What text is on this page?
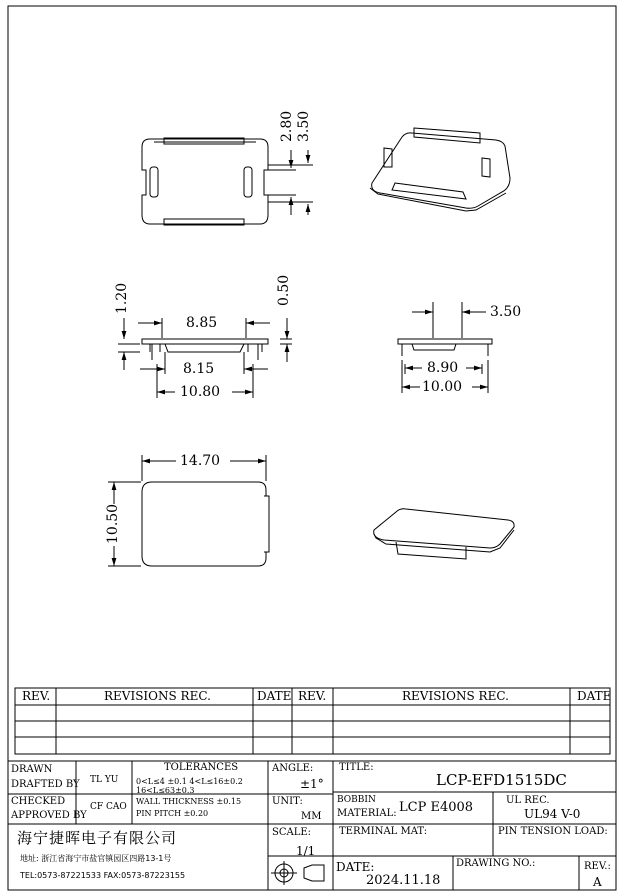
2.80 3.50
1.20	0.50
8.85
8.15
10.80
3.50
8.90
10.00
14.70
10.50
REV.	REVISIONS REC.	DATE REV.	REVISIONS REC.	DATE
DRAWN
DRAFTED BY TL YU
CHECKED
APPROVED BY
CF CAO
TOLERANCES
0<L≤4 ±0.1 4<L≤16±0.2
16<L≤63±0.3
WALL THICKNESS ±0.15
PIN PITCH ±0.20
ANGLE:
±1°
UNIT:
MM
SCALE:
1/1
TITLE:
LCP-EFD1515DC
BOBBIN
MATERIAL: LCP E4008	UL REC.
UL94 V-0
TERMINAL MAT:	PIN TENSION LOAD:
DATE:
2024.11.18
DRAWING NO.:	REV.:
A
海宁捷晖电子有限公司
地址: 浙江省海宁市盐官镇园区四路13-1号
TEL:0573-87221533 FAX:0573-87223155
